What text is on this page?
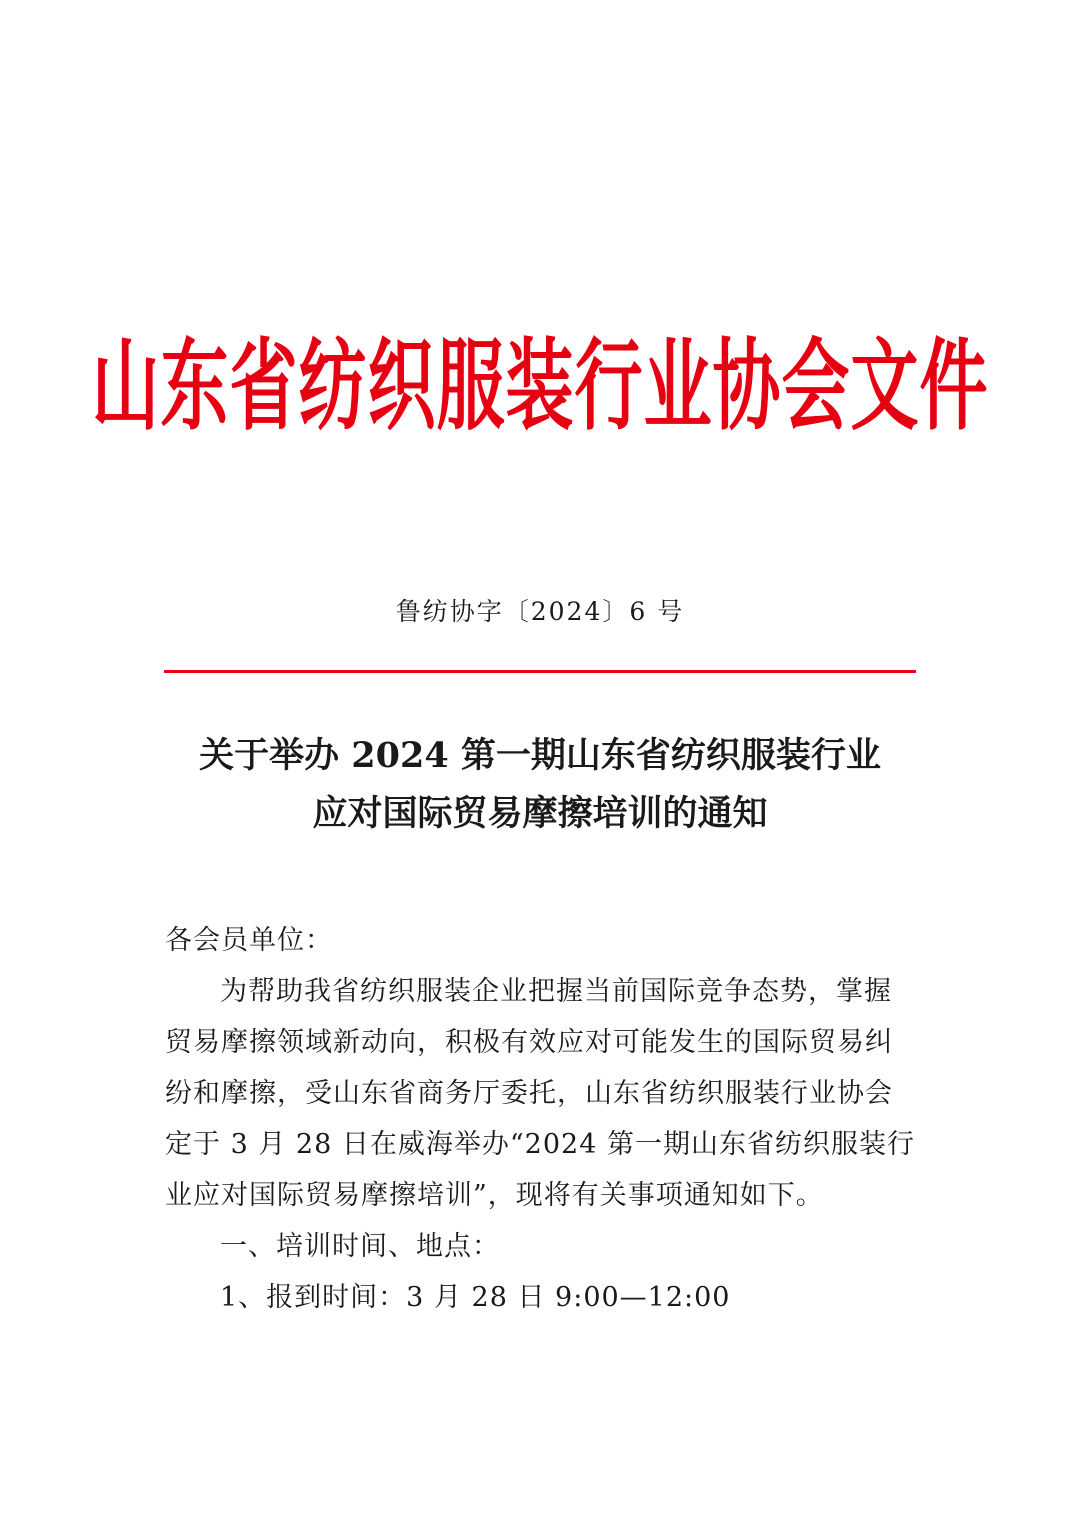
山东省纺织服装行业协会文件
鲁纺协字〔2024〕6 号
关于举办 2024 第一期山东省纺织服装行业
应对国际贸易摩擦培训的通知
各会员单位：
为帮助我省纺织服装企业把握当前国际竞争态势，掌握
贸易摩擦领域新动向，积极有效应对可能发生的国际贸易纠
纷和摩擦，受山东省商务厅委托，山东省纺织服装行业协会
定于 3 月 28 日在威海举办“2024 第一期山东省纺织服装行
业应对国际贸易摩擦培训”，现将有关事项通知如下。
一、培训时间、地点：
1、报到时间：3 月 28 日 9:00—12:00
